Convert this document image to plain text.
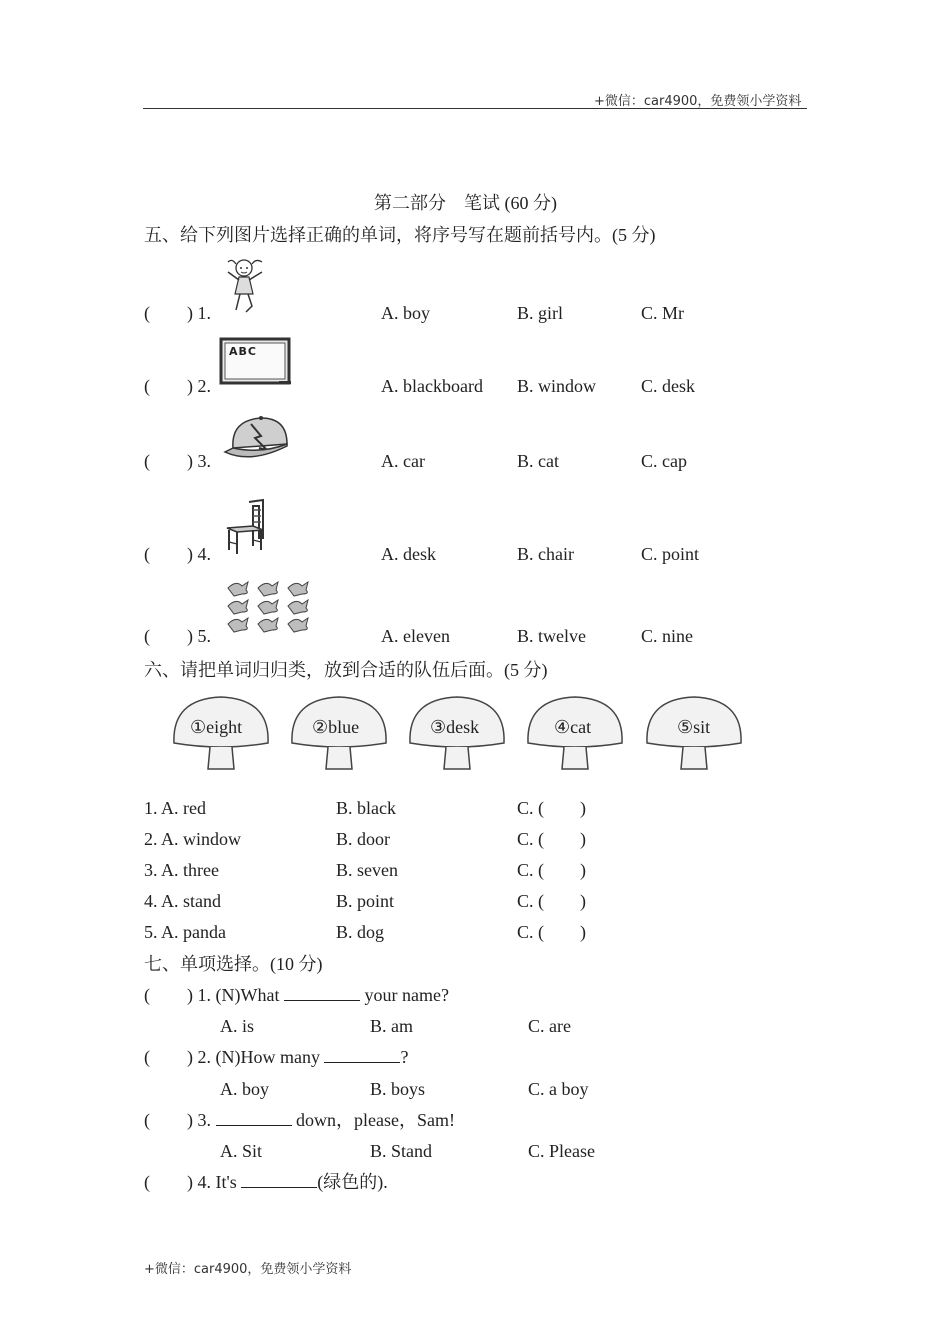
+微信：car4900，免费领小学资料
第二部分　笔试 (60 分)
五、给下列图片选择正确的单词，将序号写在题前括号内。(5 分)
( ) 1.	A. boy	B. girl	C. Mr
( ) 2.
ABC
A. blackboard B. window C. desk
( ) 3.	A. car	B. cat	C. cap
( ) 4.	A. desk	B. chair	C. point
( ) 5.	A. eleven	B. twelve	C. nine
六、请把单词归归类，放到合适的队伍后面。(5 分)
①eight	②blue	③desk	④cat	⑤sit
1. A. red	B. black	C. (　　)
2. A. window	B. door	C. (　　)
3. A. three	B. seven	C. (　　)
4. A. stand	B. point	C. (　　)
5. A. panda	B. dog	C. (　　)
七、单项选择。(10 分)
( ) 1. (N)What	your name?
A. is	B. am	C. are
( ) 2. (N)How many	?
A. boy	B. boys	C. a boy
( ) 3.	down，please，Sam!
A. Sit	B. Stand	C. Please
( ) 4. It's	(绿色的).
+微信：car4900，免费领小学资料
